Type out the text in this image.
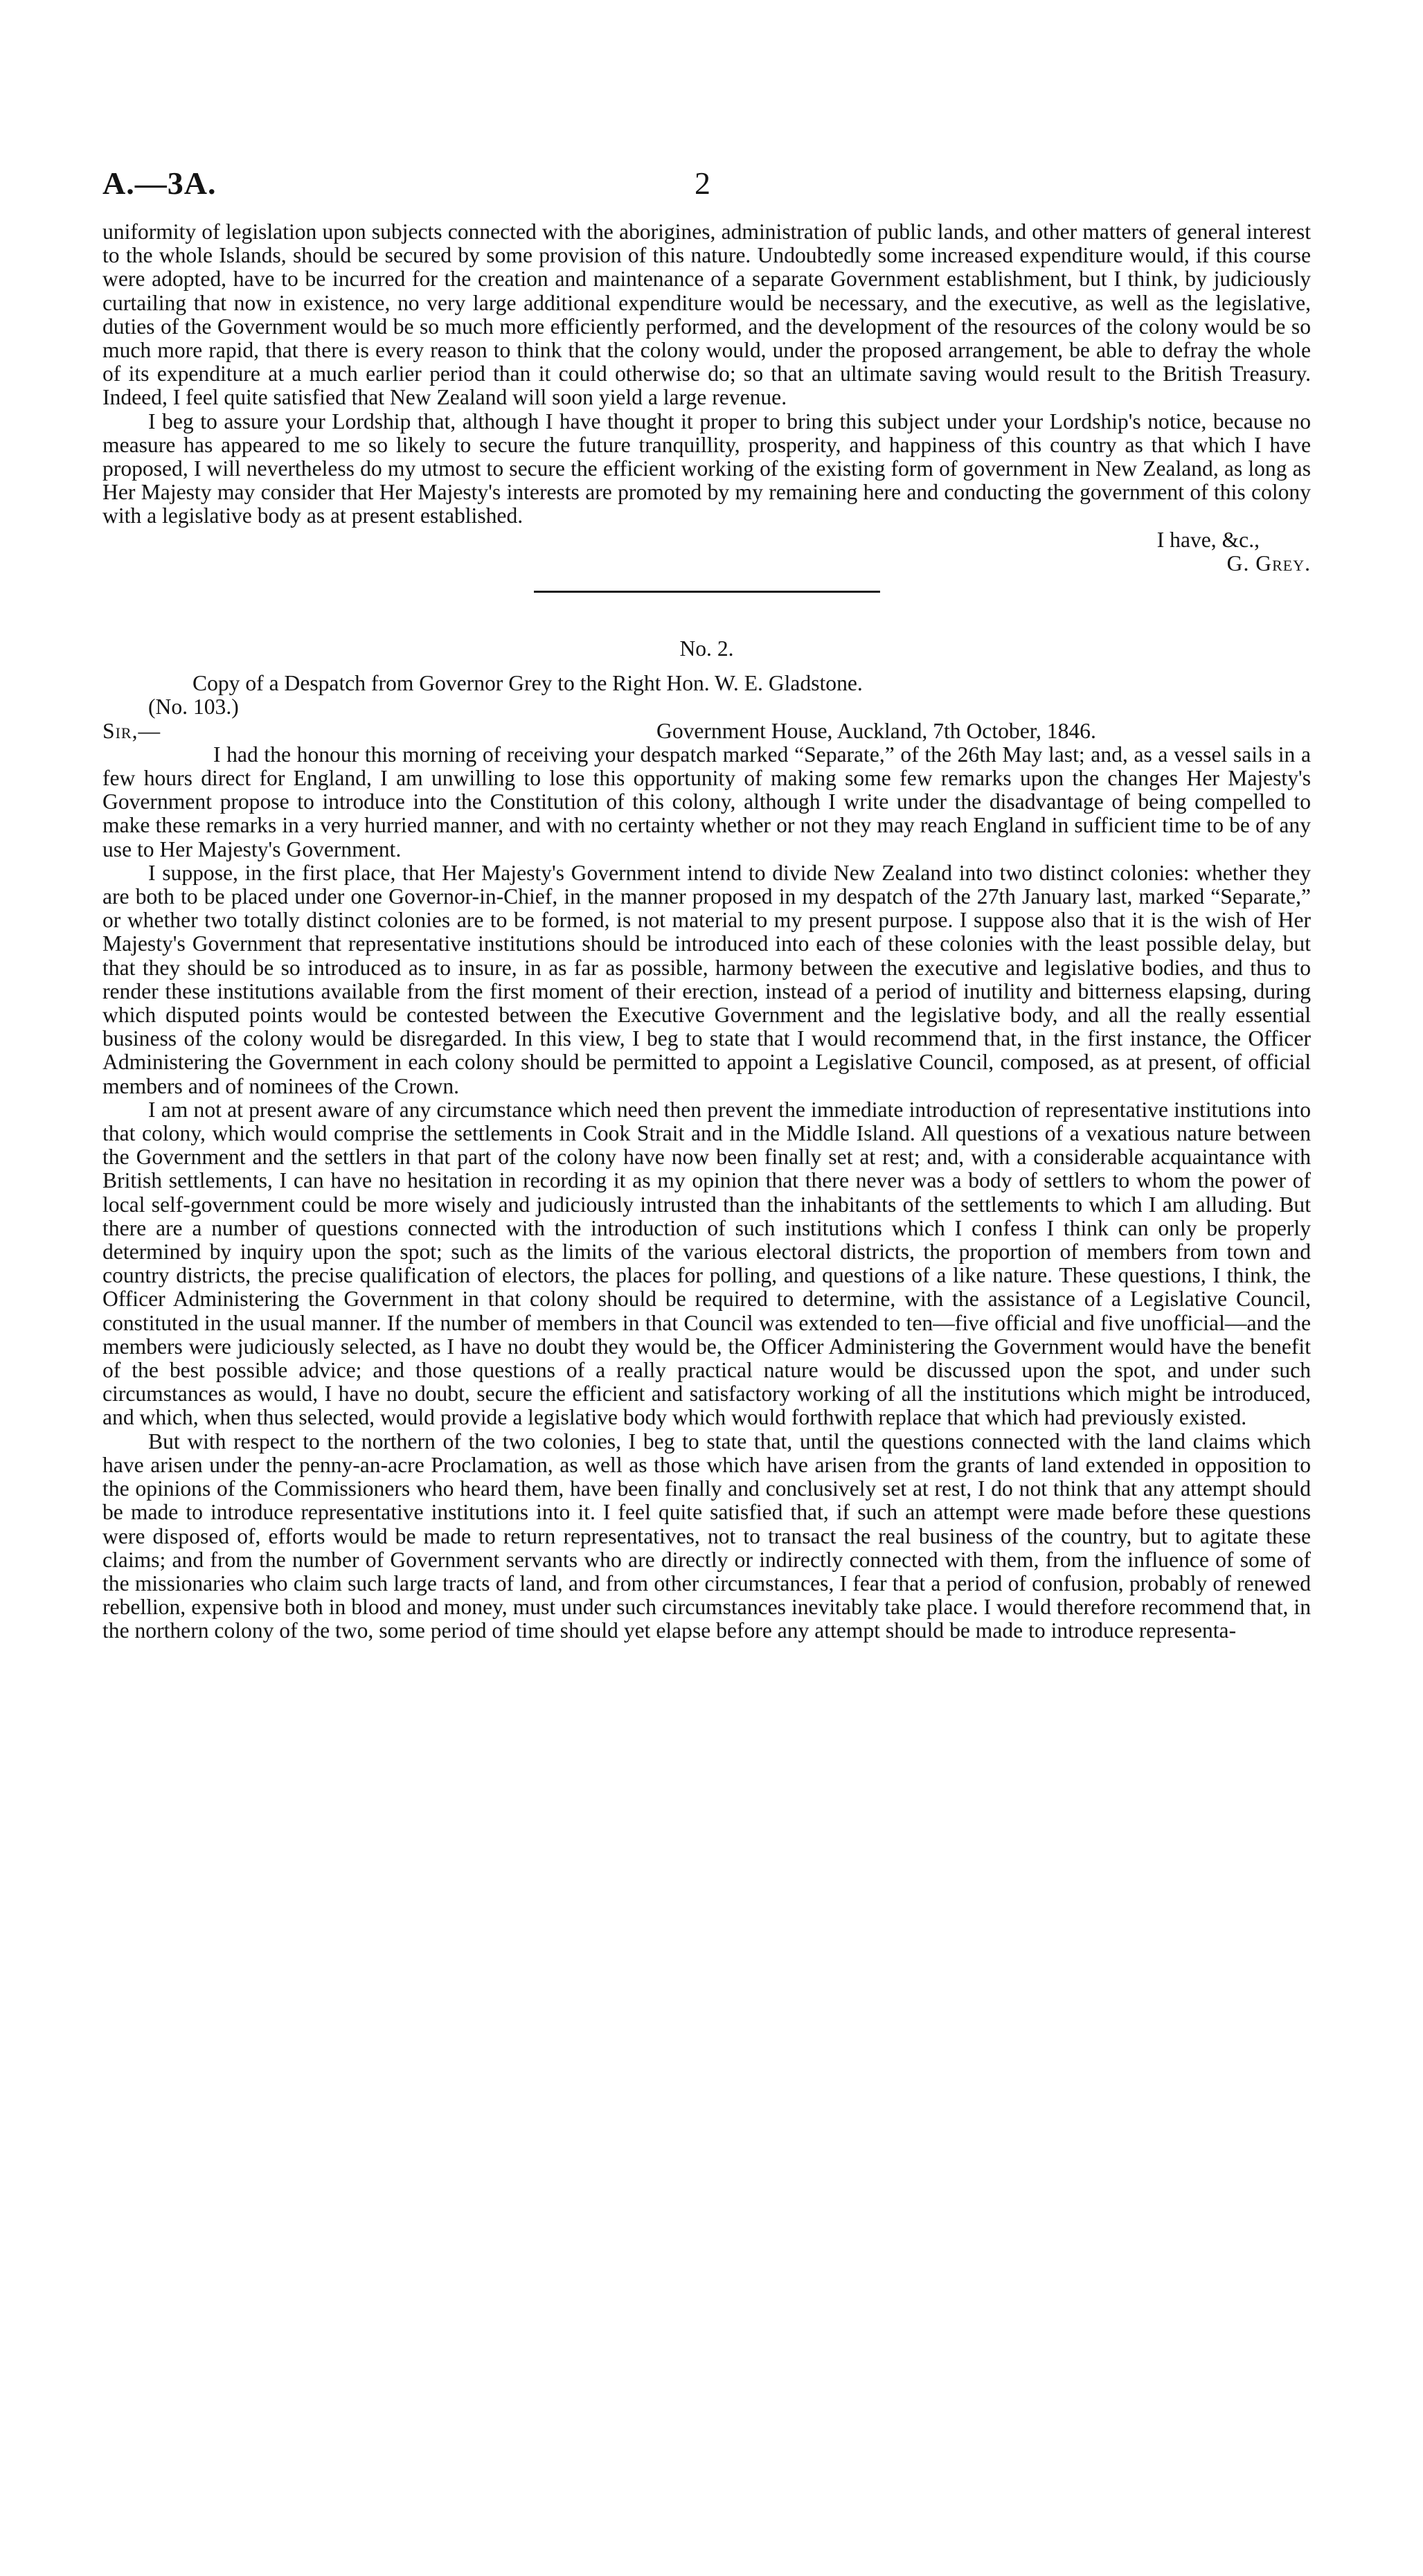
A.—3A.	2

uniformity of legislation upon subjects connected with the aborigines, administration of public lands, and other matters of general interest to the whole Islands, should be secured by some provision of this nature. Undoubtedly some increased expenditure would, if this course were adopted, have to be incurred for the creation and maintenance of a separate Government establishment, but I think, by judiciously curtailing that now in existence, no very large additional expenditure would be necessary, and the executive, as well as the legislative, duties of the Government would be so much more efficiently performed, and the development of the resources of the colony would be so much more rapid, that there is every reason to think that the colony would, under the proposed arrangement, be able to defray the whole of its expenditure at a much earlier period than it could otherwise do; so that an ultimate saving would result to the British Treasury. Indeed, I feel quite satisfied that New Zealand will soon yield a large revenue.

I beg to assure your Lordship that, although I have thought it proper to bring this subject under your Lordship's notice, because no measure has appeared to me so likely to secure the future tranquillity, prosperity, and happiness of this country as that which I have proposed, I will nevertheless do my utmost to secure the efficient working of the existing form of government in New Zealand, as long as Her Majesty may consider that Her Majesty's interests are promoted by my remaining here and conducting the government of this colony with a legislative body as at present established.

I have, &c.,
G. Grey.
No. 2.
Copy of a Despatch from Governor Grey to the Right Hon. W. E. Gladstone.
(No. 103.)
Sir,—	Government House, Auckland, 7th October, 1846.

I had the honour this morning of receiving your despatch marked “Separate,” of the 26th May last; and, as a vessel sails in a few hours direct for England, I am unwilling to lose this opportunity of making some few remarks upon the changes Her Majesty's Government propose to introduce into the Constitution of this colony, although I write under the disadvantage of being compelled to make these remarks in a very hurried manner, and with no certainty whether or not they may reach England in sufficient time to be of any use to Her Majesty's Government.

I suppose, in the first place, that Her Majesty's Government intend to divide New Zealand into two distinct colonies: whether they are both to be placed under one Governor-in-Chief, in the manner proposed in my despatch of the 27th January last, marked “Separate,” or whether two totally distinct colonies are to be formed, is not material to my present purpose. I suppose also that it is the wish of Her Majesty's Government that representative institutions should be introduced into each of these colonies with the least possible delay, but that they should be so introduced as to insure, in as far as possible, harmony between the executive and legislative bodies, and thus to render these institutions available from the first moment of their erection, instead of a period of inutility and bitterness elapsing, during which disputed points would be contested between the Executive Government and the legislative body, and all the really essential business of the colony would be disregarded. In this view, I beg to state that I would recommend that, in the first instance, the Officer Administering the Government in each colony should be permitted to appoint a Legislative Council, composed, as at present, of official members and of nominees of the Crown.

I am not at present aware of any circumstance which need then prevent the immediate introduction of representative institutions into that colony, which would comprise the settlements in Cook Strait and in the Middle Island. All questions of a vexatious nature between the Government and the settlers in that part of the colony have now been finally set at rest; and, with a considerable acquaintance with British settlements, I can have no hesitation in recording it as my opinion that there never was a body of settlers to whom the power of local self-government could be more wisely and judiciously intrusted than the inhabitants of the settlements to which I am alluding. But there are a number of questions connected with the introduction of such institutions which I confess I think can only be properly determined by inquiry upon the spot; such as the limits of the various electoral districts, the proportion of members from town and country districts, the precise qualification of electors, the places for polling, and questions of a like nature. These questions, I think, the Officer Administering the Government in that colony should be required to determine, with the assistance of a Legislative Council, constituted in the usual manner. If the number of members in that Council was extended to ten—five official and five unofficial—and the members were judiciously selected, as I have no doubt they would be, the Officer Administering the Government would have the benefit of the best possible advice; and those questions of a really practical nature would be discussed upon the spot, and under such circumstances as would, I have no doubt, secure the efficient and satisfactory working of all the institutions which might be introduced, and which, when thus selected, would provide a legislative body which would forthwith replace that which had previously existed.

But with respect to the northern of the two colonies, I beg to state that, until the questions connected with the land claims which have arisen under the penny-an-acre Proclamation, as well as those which have arisen from the grants of land extended in opposition to the opinions of the Commissioners who heard them, have been finally and conclusively set at rest, I do not think that any attempt should be made to introduce representative institutions into it. I feel quite satisfied that, if such an attempt were made before these questions were disposed of, efforts would be made to return representatives, not to transact the real business of the country, but to agitate these claims; and from the number of Government servants who are directly or indirectly connected with them, from the influence of some of the missionaries who claim such large tracts of land, and from other circumstances, I fear that a period of confusion, probably of renewed rebellion, expensive both in blood and money, must under such circumstances inevitably take place. I would therefore recommend that, in the northern colony of the two, some period of time should yet elapse before any attempt should be made to introduce representa-
